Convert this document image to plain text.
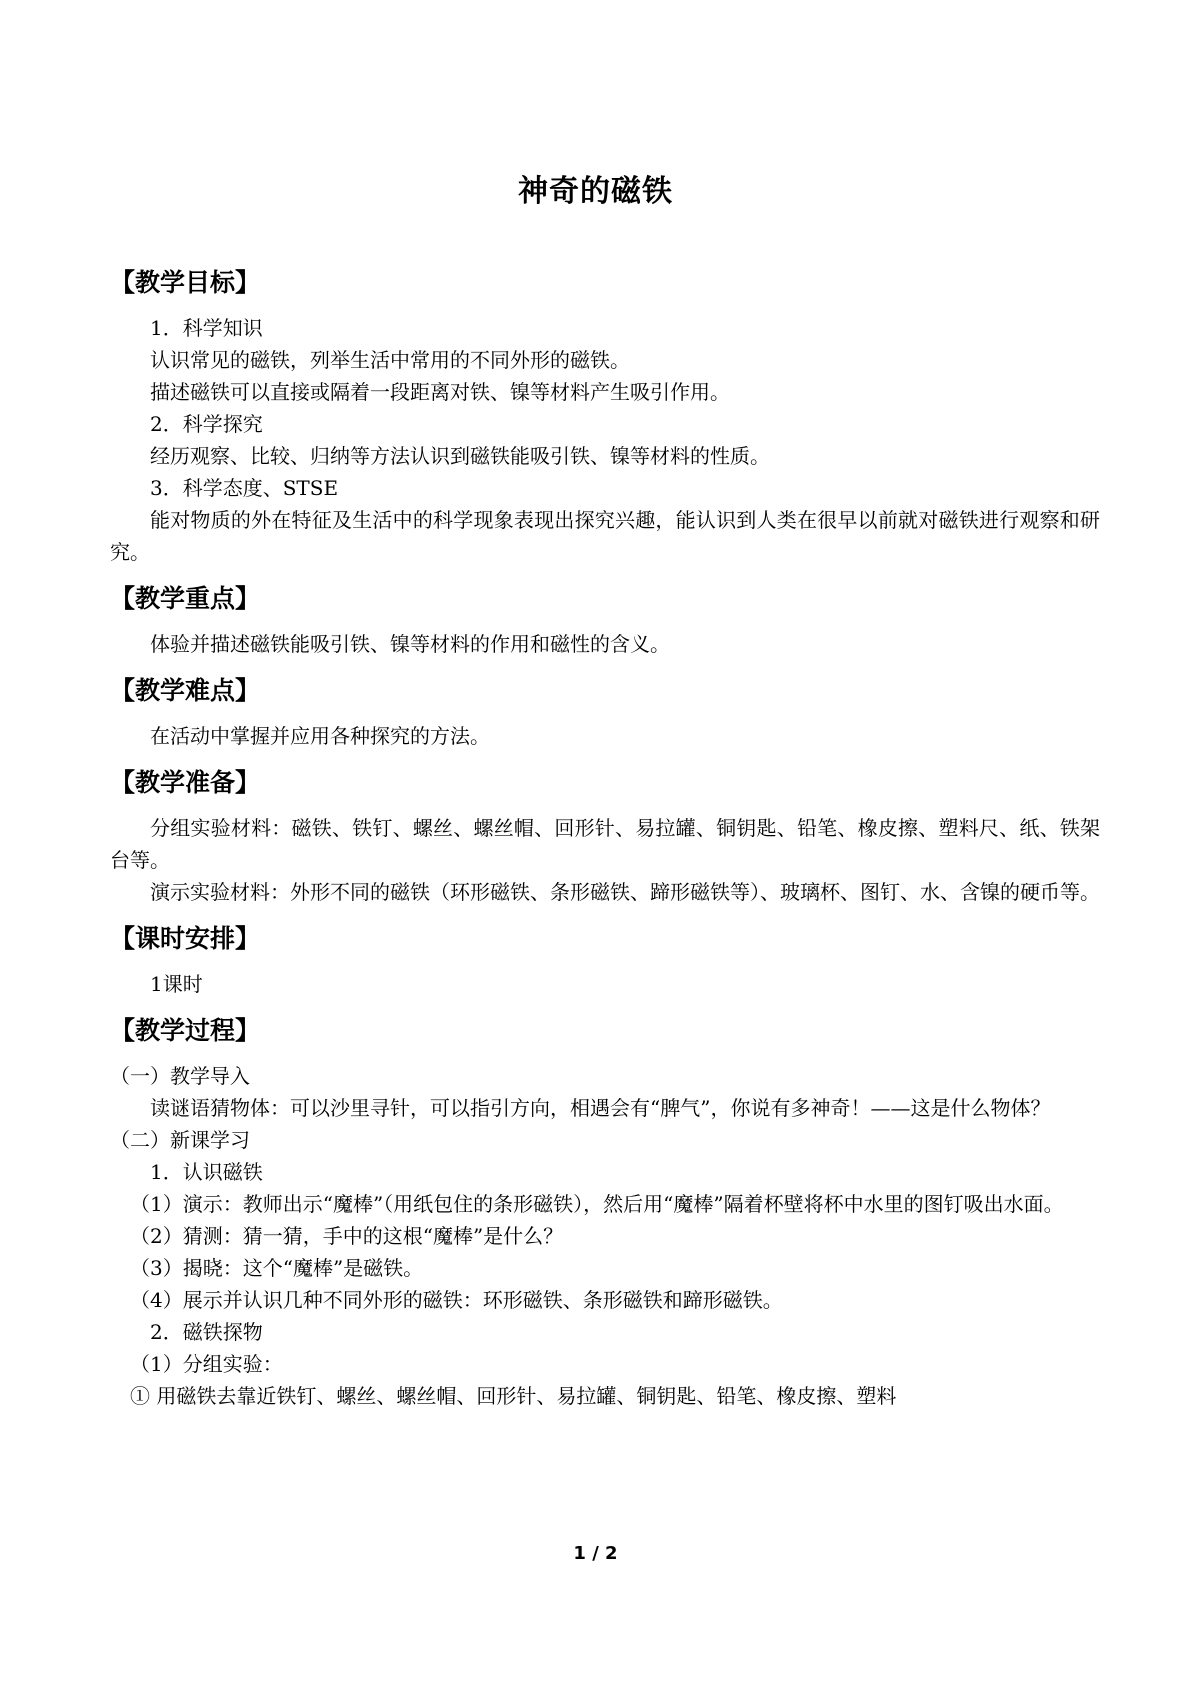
神奇的磁铁
【教学目标】

1．科学知识

认识常见的磁铁，列举生活中常用的不同外形的磁铁。

描述磁铁可以直接或隔着一段距离对铁、镍等材料产生吸引作用。

2．科学探究

经历观察、比较、归纳等方法认识到磁铁能吸引铁、镍等材料的性质。

3．科学态度、STSE

能对物质的外在特征及生活中的科学现象表现出探究兴趣，能认识到人类在很早以前就对磁铁进行观察和研究。

【教学重点】

体验并描述磁铁能吸引铁、镍等材料的作用和磁性的含义。

【教学难点】

在活动中掌握并应用各种探究的方法。

【教学准备】

分组实验材料：磁铁、铁钉、螺丝、螺丝帽、回形针、易拉罐、铜钥匙、铅笔、橡皮擦、塑料尺、纸、铁架台等。

演示实验材料：外形不同的磁铁（环形磁铁、条形磁铁、蹄形磁铁等）、玻璃杯、图钉、水、含镍的硬币等。

【课时安排】

1课时

【教学过程】

（一）教学导入

读谜语猜物体：可以沙里寻针，可以指引方向，相遇会有“脾气”，你说有多神奇！——这是什么物体？

（二）新课学习

1．认识磁铁

（1）演示：教师出示“魔棒”（用纸包住的条形磁铁），然后用“魔棒”隔着杯壁将杯中水里的图钉吸出水面。

（2）猜测：猜一猜，手中的这根“魔棒”是什么？

（3）揭晓：这个“魔棒”是磁铁。

（4）展示并认识几种不同外形的磁铁：环形磁铁、条形磁铁和蹄形磁铁。

2．磁铁探物

（1）分组实验：

① 用磁铁去靠近铁钉、螺丝、螺丝帽、回形针、易拉罐、铜钥匙、铅笔、橡皮擦、塑料

1 / 2
